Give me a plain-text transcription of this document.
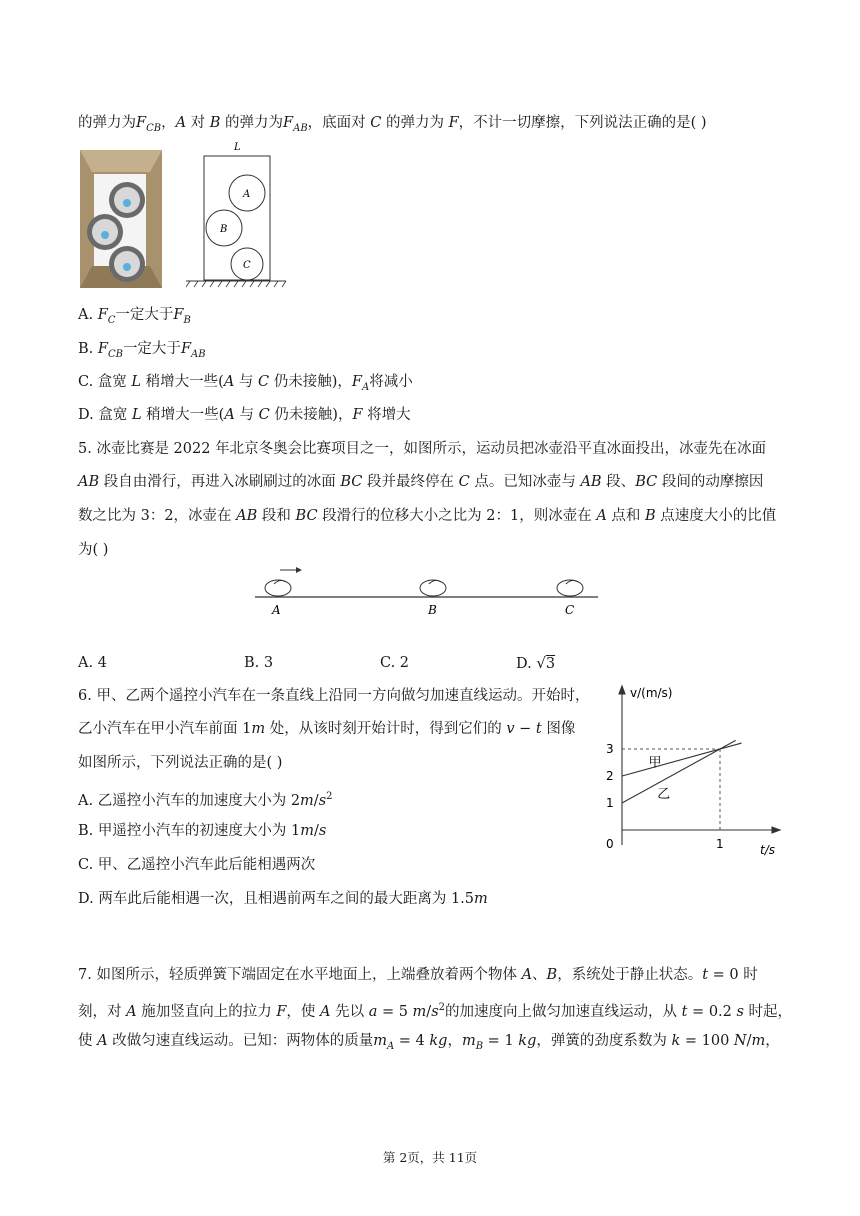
的弹力为$F_{CB}$，A 对 B 的弹力为$F_{AB}$，底面对 C 的弹力为 F，不计一切摩擦，下列说法正确的是( )
L
A
B
C
A. $F_C$一定大于$F_B$
B. $F_{CB}$一定大于$F_{AB}$
C. 盒宽 L 稍增大一些(A 与 C 仍未接触)，$F_A$将减小
D. 盒宽 L 稍增大一些(A 与 C 仍未接触)，F 将增大
5. 冰壶比赛是 2022 年北京冬奥会比赛项目之一，如图所示，运动员把冰壶沿平直冰面投出，冰壶先在冰面
AB 段自由滑行，再进入冰刷刷过的冰面 BC 段并最终停在 C 点。已知冰壶与 AB 段、BC 段间的动摩擦因
数之比为 3：2，冰壶在 AB 段和 BC 段滑行的位移大小之比为 2：1，则冰壶在 A 点和 B 点速度大小的比值
为( )
A	B	C
A. 4	B. 3	C. 2	D. √3
6. 甲、乙两个遥控小汽车在一条直线上沿同一方向做匀加速直线运动。开始时，
乙小汽车在甲小汽车前面 1m 处，从该时刻开始计时，得到它们的 v − t 图像
如图所示，下列说法正确的是( )
A. 乙遥控小汽车的加速度大小为 $2m/s^2$
B. 甲遥控小汽车的初速度大小为 1m/s
C. 甲、乙遥控小汽车此后能相遇两次
D. 两车此后能相遇一次，且相遇前两车之间的最大距离为 1.5m
v/(m/s)
t/s
0
甲
乙
1
2
3
1
7. 如图所示，轻质弹簧下端固定在水平地面上，上端叠放着两个物体 A、B，系统处于静止状态。t = 0 时
刻，对 A 施加竖直向上的拉力 F，使 A 先以 a = 5 $m/s^2$的加速度向上做匀加速直线运动，从 t = 0.2 s 时起，
使 A 改做匀速直线运动。已知：两物体的质量$m_A = 4$ kg，$m_B = 1$ kg，弹簧的劲度系数为 k = 100 N/m，
第 2页，共 11页
